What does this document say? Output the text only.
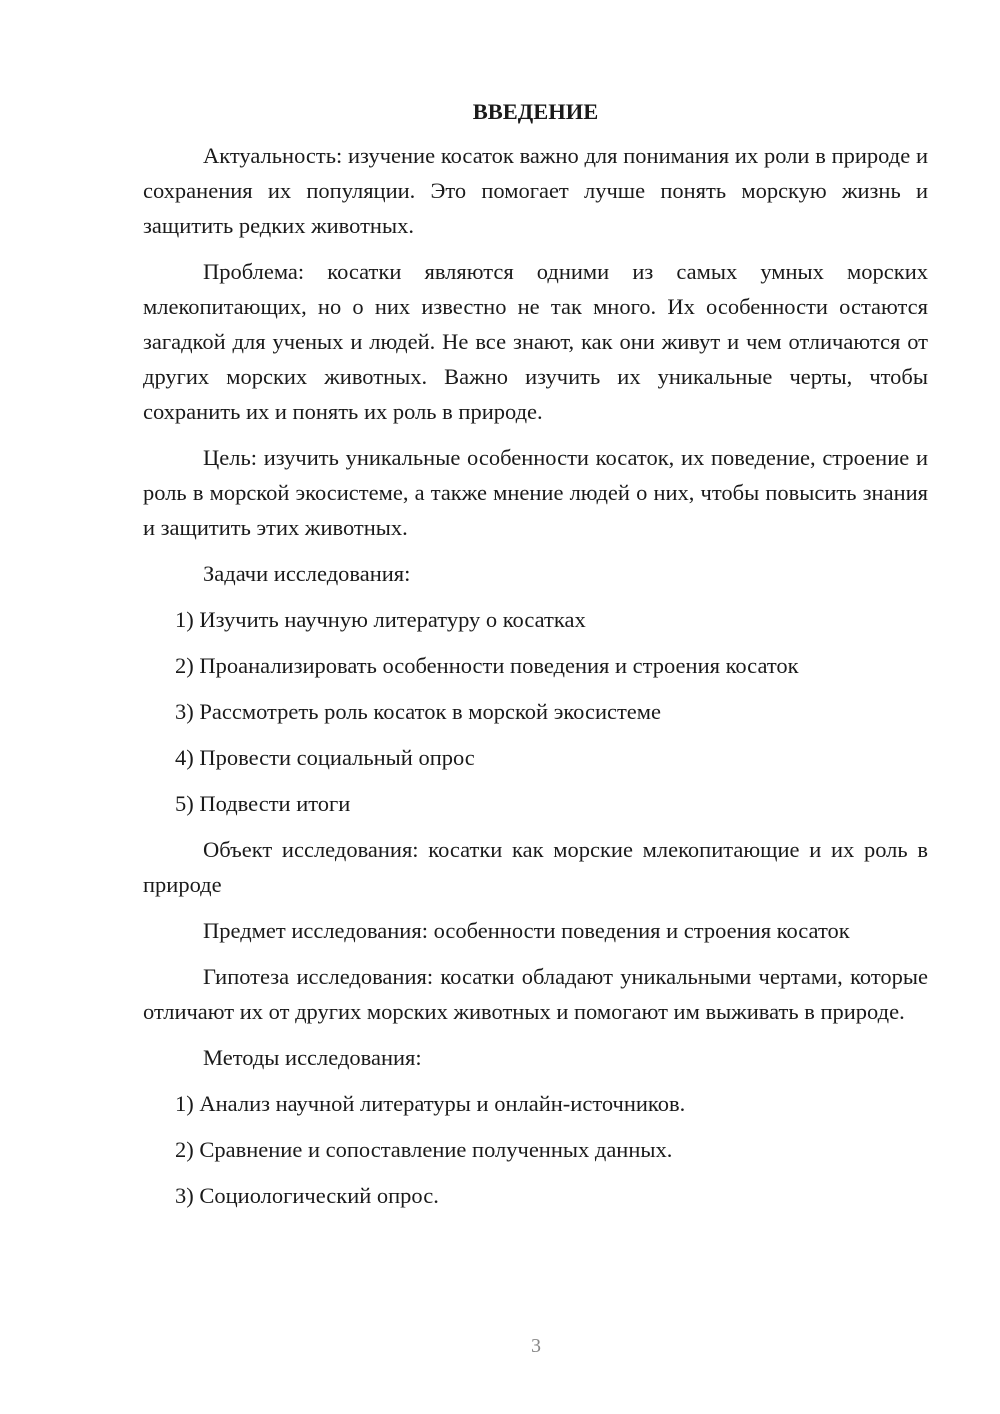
ВВЕДЕНИЕ

Актуальность: изучение косаток важно для понимания их роли в природе и сохранения их популяции. Это помогает лучше понять морскую жизнь и защитить редких животных.

Проблема: косатки являются одними из самых умных морских млекопитающих, но о них известно не так много. Их особенности остаются загадкой для ученых и людей. Не все знают, как они живут и чем отличаются от других морских животных. Важно изучить их уникальные черты, чтобы сохранить их и понять их роль в природе.

Цель: изучить уникальные особенности косаток, их поведение, строение и роль в морской экосистеме, а также мнение людей о них, чтобы повысить знания и защитить этих животных.

Задачи исследования:

1) Изучить научную литературу о косатках
2) Проанализировать особенности поведения и строения косаток
3) Рассмотреть роль косаток в морской экосистеме
4) Провести социальный опрос
5) Подвести итоги

Объект исследования: косатки как морские млекопитающие и их роль в природе

Предмет исследования: особенности поведения и строения косаток

Гипотеза исследования: косатки обладают уникальными чертами, которые отличают их от других морских животных и помогают им выживать в природе.

Методы исследования:

1) Анализ научной литературы и онлайн-источников.
2) Сравнение и сопоставление полученных данных.
3) Социологический опрос.
3
